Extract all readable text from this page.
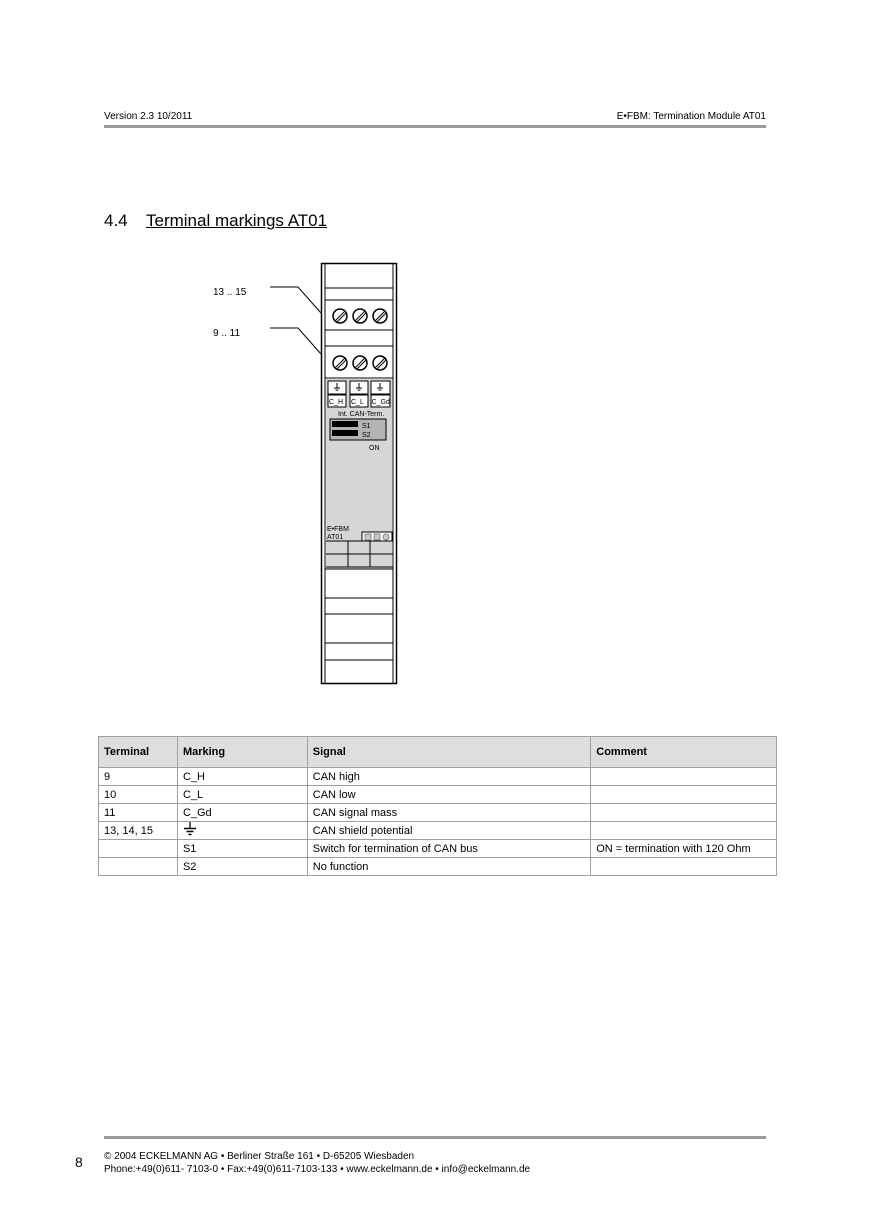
Version 2.3 10/2011	E•FBM: Termination Module AT01
4.4 Terminal markings AT01
13 .. 15
9 .. 11
C_H C_L C_Gd
Int. CAN-Term.
S1
S2
ON
E•FBM
AT01
Terminal	Marking	Signal	Comment
9	C_H	CAN high	
10	C_L	CAN low	
11	C_Gd	CAN signal mass	
13, 14, 15		CAN shield potential	
	S1	Switch for termination of CAN bus	ON = termination with 120 Ohm
	S2	No function	
8 © 2004 ECKELMANN AG • Berliner Straße 161 • D-65205 Wiesbaden
Phone:+49(0)611- 7103-0 • Fax:+49(0)611-7103-133 • www.eckelmann.de • info@eckelmann.de
